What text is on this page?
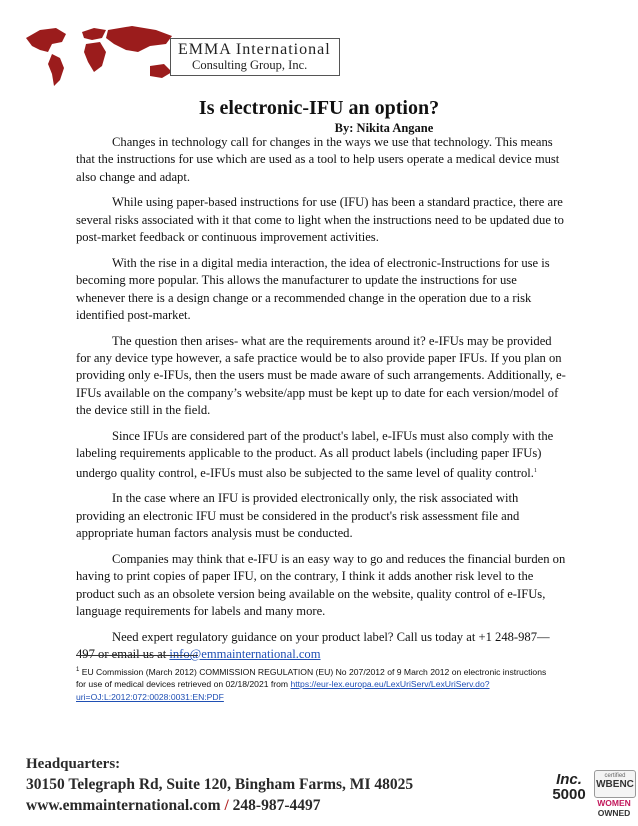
EMMA International
Consulting Group, Inc.
Is electronic-IFU an option?
By: Nikita Angane

Changes in technology call for changes in the ways we use that technology. This means that the instructions for use which are used as a tool to help users operate a medical device must also change and adapt.

While using paper-based instructions for use (IFU) has been a standard practice, there are several risks associated with it that come to light when the instructions need to be updated due to post-market feedback or continuous improvement activities.

With the rise in a digital media interaction, the idea of electronic-Instructions for use is becoming more popular. This allows the manufacturer to update the instructions for use whenever there is a design change or a recommended change in the operation due to a risk identified post-market.

The question then arises- what are the requirements around it? e-IFUs may be provided for any device type however, a safe practice would be to also provide paper IFUs. If you plan on providing only e-IFUs, then the users must be made aware of such arrangements. Additionally, e-IFUs available on the company’s website/app must be kept up to date for each version/model of the device still in the field.

Since IFUs are considered part of the product's label, e-IFUs must also comply with the labeling requirements applicable to the product. As all product labels (including paper IFUs) undergo quality control, e-IFUs must also be subjected to the same level of quality control.$^1$

In the case where an IFU is provided electronically only, the risk associated with providing an electronic IFU must be considered in the product's risk assessment file and appropriate human factors analysis must be conducted.

Companies may think that e-IFU is an easy way to go and reduces the financial burden on having to print copies of paper IFU, on the contrary, I think it adds another risk level to the product such as an obsolete version being available on the website, quality control of e-IFUs, language requirements for labels and many more.

Need expert regulatory guidance on your product label? Call us today at +1 248-987—497 or email us at info@emmainternational.com

$^1$ EU Commission (March 2012) COMMISSION REGULATION (EU) No 207/2012 of 9 March 2012 on electronic instructions for use of medical devices retrieved on 02/18/2021 from https://eur-lex.europa.eu/LexUriServ/LexUriServ.do?uri=OJ:L:2012:072:0028:0031:EN:PDF
Headquarters:
30150 Telegraph Rd, Suite 120, Bingham Farms, MI 48025
www.emmainternational.com / 248-987-4497
Inc.
5000
certified
WBENC
WOMEN
OWNED
